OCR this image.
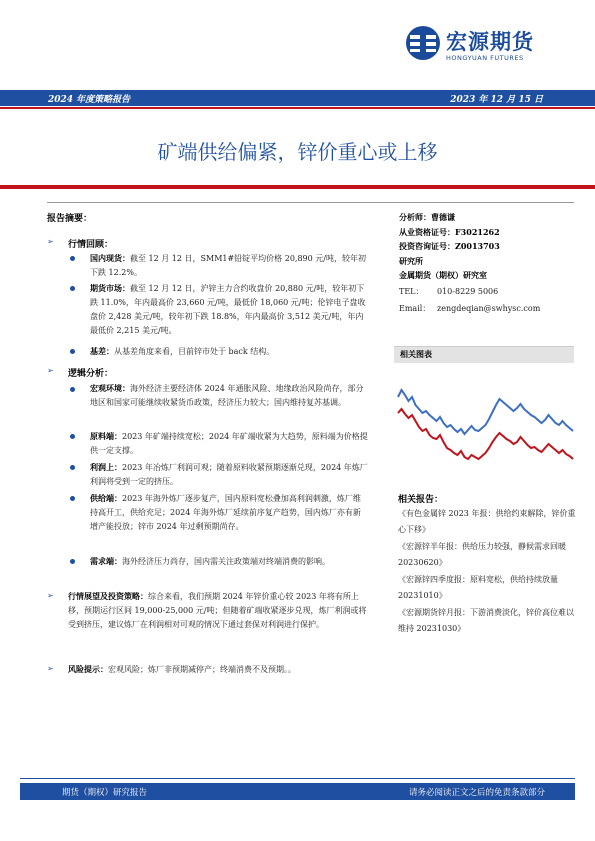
宏源期货
HONGYUAN FUTURES
2024 年度策略报告	2023 年 12 月 15 日
矿端供给偏紧，锌价重心或上移
报告摘要：
➢ 行情回顾：
国内现货：截至 12 月 12 日，SMM1#铅锭平均价格 20,890 元/吨，较年初下跌 12.2%。
期货市场：截至 12 月 12 日，沪锌主力合约收盘价 20,880 元/吨，较年初下跌 11.0%，年内最高价 23,660 元/吨，最低价 18,060 元/吨；伦锌电子盘收盘价 2,428 美元/吨，较年初下跌 18.8%，年内最高价 3,512 美元/吨，年内最低价 2,215 美元/吨。
基差：从基差角度来看，目前锌市处于 back 结构。
➢ 逻辑分析：
宏观环境：海外经济主要经济体 2024 年通胀风险、地缘政治风险尚存，部分地区和国家可能继续收紧货币政策，经济压力较大；国内维持复苏基调。
原料端：2023 年矿端持续宽松；2024 年矿端收紧为大趋势，原料端为价格提供一定支撑。
利润上：2023 年冶炼厂利润可观；随着原料收紧预期逐渐兑现，2024 年炼厂利润将受到一定的挤压。
供给端：2023 年海外炼厂逐步复产，国内原料宽松叠加高利润刺激，炼厂维持高开工，供给充足；2024 年海外炼厂延续前序复产趋势，国内炼厂亦有新增产能投放；锌市 2024 年过剩预期尚存。
需求端：海外经济压力尚存，国内需关注政策端对终端消费的影响。
➢ 行情展望及投资策略：综合来看，我们预期 2024 年锌价重心较 2023 年将有所上移，预期运行区间 19,000-25,000 元/吨；但随着矿端收紧逐步兑现，炼厂利润或将受到挤压，建议炼厂在利润相对可观的情况下通过套保对利润进行保护。
➢ 风险提示：宏观风险；炼厂非预期减停产；终端消费不及预期。。
分析师：曹德谦
从业资格证号：F3021262
投资咨询证号：Z0013703
研究所
金属期货（期权）研究室
TEL： 010-8229 5006
Email： zengdeqian@swhysc.com
相关图表
相关报告：
《有色金属锌 2023 年报：供给约束解除，锌价重心下移》
《宏源锌半年报：供给压力较强，静候需求回暖 20230620》
《宏源锌四季度报：原料宽松，供给持续放量 20231010》
《宏源期货锌月报：下游消费淡化，锌价高位难以维持 20231030》
期货（期权）研究报告	请务必阅读正文之后的免责条款部分
